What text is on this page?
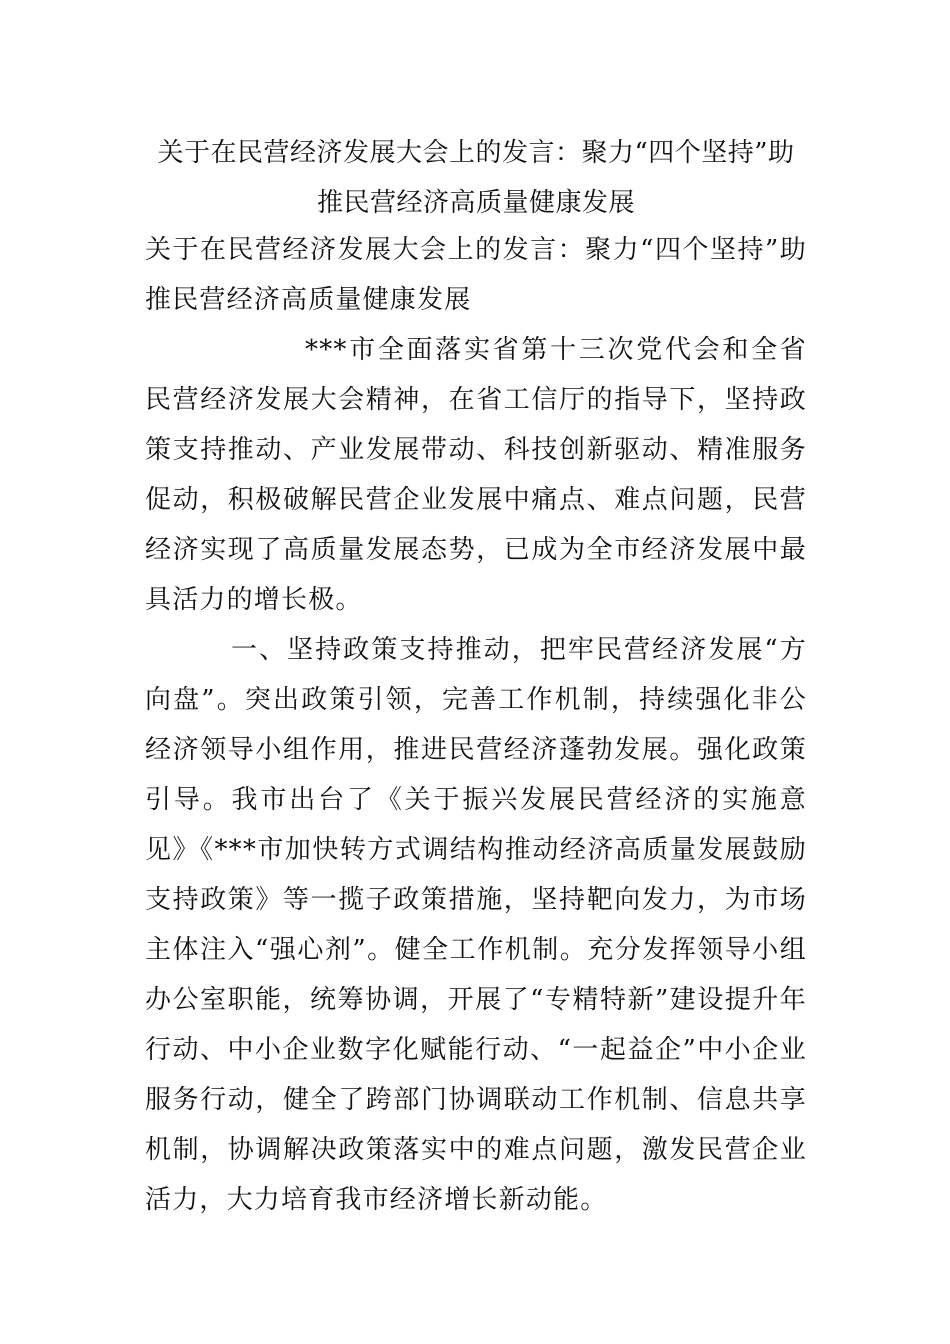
关于在民营经济发展大会上的发言：聚力“四个坚持”助
推民营经济高质量健康发展

关于在民营经济发展大会上的发言：聚力“四个坚持”助推民营经济高质量健康发展

***市全面落实省第十三次党代会和全省民营经济发展大会精神，在省工信厅的指导下，坚持政策支持推动、产业发展带动、科技创新驱动、精准服务促动，积极破解民营企业发展中痛点、难点问题，民营经济实现了高质量发展态势，已成为全市经济发展中最具活力的增长极。

一、坚持政策支持推动，把牢民营经济发展“方向盘”。突出政策引领，完善工作机制，持续强化非公经济领导小组作用，推进民营经济蓬勃发展。强化政策引导。我市出台了《关于振兴发展民营经济的实施意见》《***市加快转方式调结构推动经济高质量发展鼓励支持政策》等一揽子政策措施，坚持靶向发力，为市场主体注入“强心剂”。健全工作机制。充分发挥领导小组办公室职能，统筹协调，开展了“专精特新”建设提升年行动、中小企业数字化赋能行动、“一起益企”中小企业服务行动，健全了跨部门协调联动工作机制、信息共享机制，协调解决政策落实中的难点问题，激发民营企业活力，大力培育我市经济增长新动能。
